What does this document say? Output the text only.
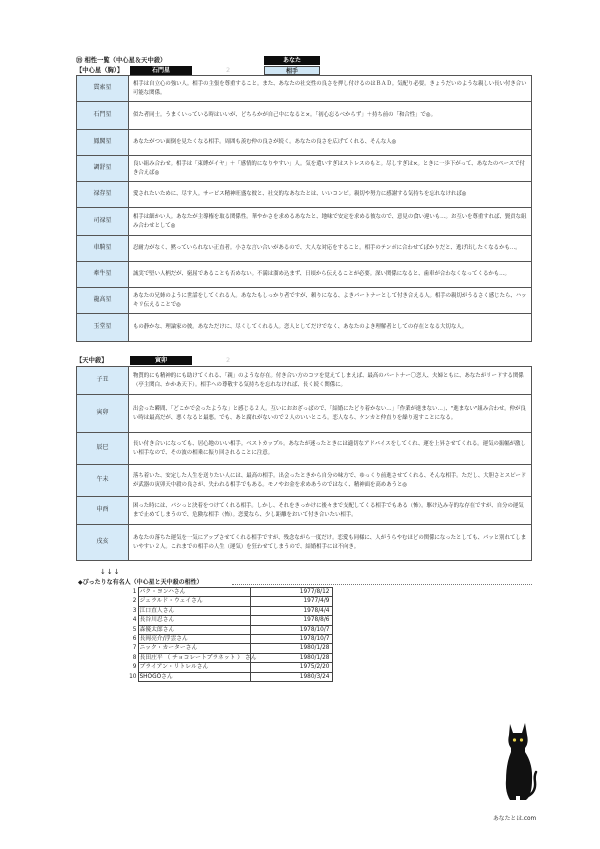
㉟ 相性一覧（中心星＆天中殺）	あなた
【中心星（胸）】	石門星	2	相手
貫索星	相手は自立心の強い人。相手の主張を尊重すること。また、あなたの社交性の良さを押し付けるのはＢＡＤ。気配り必要。きょうだいのような親しい長い付き合い可能な関係。
石門星	似た者同士。うまくいっている時はいいが、どちらかが自己中になると×。「初心忘るべからず」＋持ち前の「和合性」で◎。
鳳閣星	あなたがつい面倒を見たくなる相手。周囲も羨む仲の良さが続く。あなたの良さを広げてくれる、そんな人◎
調舒星	良い組み合わせ。相手は「束縛がイヤ」＋「感情的になりやすい」人。気を遣いすぎはストレスのもと。尽しすぎは×。ときに一歩下がって、あなたのペースで付き合えば◎
禄存星	愛されたいために、尽す人。サービス精神旺盛な彼と、社交的なあなたとは、いいコンビ。親切や努力に感謝する気持ちを忘れなければ◎
司禄星	相手は細かい人。あなたが主導権を取る関係性。華やかさを求めるあなたと、地味で安定を求める彼なので、意見の食い違いも…。お互いを尊重すれば、賢貢な組み合わせとして◎
車騎星	忍耐力がなく、黙っていられない正直者。小さな言い合いがあるので、大人な対応をすること。相手のテンポに合わせてばかりだと、逃げ出したくなるかも…。
牽牛星	誠実で堅い人柄だが、窮屈であることも否めない。不満は溜め込まず、日頃から伝えることが必要。深い関係になると、歯車が合わなくなってくるかも…。
龍高星	あなたの兄姉のように世話をしてくれる人。あなたもしっかり者ですが、頼りになる、よきパートナーとして付き合える人。相手の親切がうるさく感じたら、ハッキリ伝えることで◎
玉堂星	もの静かな、理論家の彼。あなただけに、尽くしてくれる人。恋人としてだけでなく、あなたのよき理解者としての存在となる大切な人。
【天中殺】	寅卯	2
子丑	物質的にも精神的にも助けてくれる、「親」のような存在。付き合い方のコツを覚えてしまえば、最高のパートナー〇恋人、夫婦ともに、あなたがリードする関係（亭主関白、かかあ天下）。相手への尊敬する気持ちを忘れなければ、長く続く関係に。
寅卯	出会った瞬間、「どこかで会ったような」と感じる２人。互いにおおざっぱので、「結婚にたどり着かない…」「作業が進まない…」、"進まない"組み合わせ。仲が良い時は最高だが、悪くなると最悪。でも、あと腐れがないので２人のいいところ。恋人なら、ケンカと仲直りを繰り返すことになる。
辰巳	長い付き合いになっても、居心地のいい相手。ベストカップル。あなたが迷ったときには適切なアドバイスをしてくれ、運を上昇させてくれる。運気の振幅が激しい相手なので、その波の相乗に振り回されることに注意。
午未	落ち着いた、安定した人生を送りたい人には、最高の相手。出会ったときから自分の味方で、ゆっくり前進させてくれる、そんな相手。ただし、大胆さとスピードが武器の寅卯天中殺の良さが、失われる相手でもある。モノやお金を求めあうのではなく、精神面を高めあうと◎
申酉	困った時には、パシっと決着をつけてくれる相手。しかし、それをきっかけに後々まで支配してくる相手でもある（怖）。駆け込み寺的な存在ですが、自分の運気まで止めてしまうので、危険な相手（怖）。恋愛なら、少し距離をおいて付き合いたい相手。
戌亥	あなたの落ちた運気を一気にアップさせてくれる相手ですが、残念ながら一度だけ。恋愛も同様に、人がうらやむほどの関係になったとしても、パッと別れてしまいやすい２人。これまでの相手の人生（運気）を狂わせてしまうので、結婚相手には不向き。
↓↓↓
◆ぴったりな有名人（中心星と天中殺の相性）
1	パク・ヨンハさん	1977/8/12
2	ジェラルド・ウェイさん	1977/4/9
3	江口直人さん	1978/4/4
4	長谷川忍さん	1978/8/6
5	森優太郎さん	1978/10/7
6	長岡亮介/浮雲さん	1978/10/7
7	ニック・カーターさん	1980/1/28
8	長田庄平 （ チョコレートプラネット ） さん	1980/1/28
9	ブライアン・リトレルさん	1975/2/20
10	SHOGOさん	1980/3/24
あなたとは.com
